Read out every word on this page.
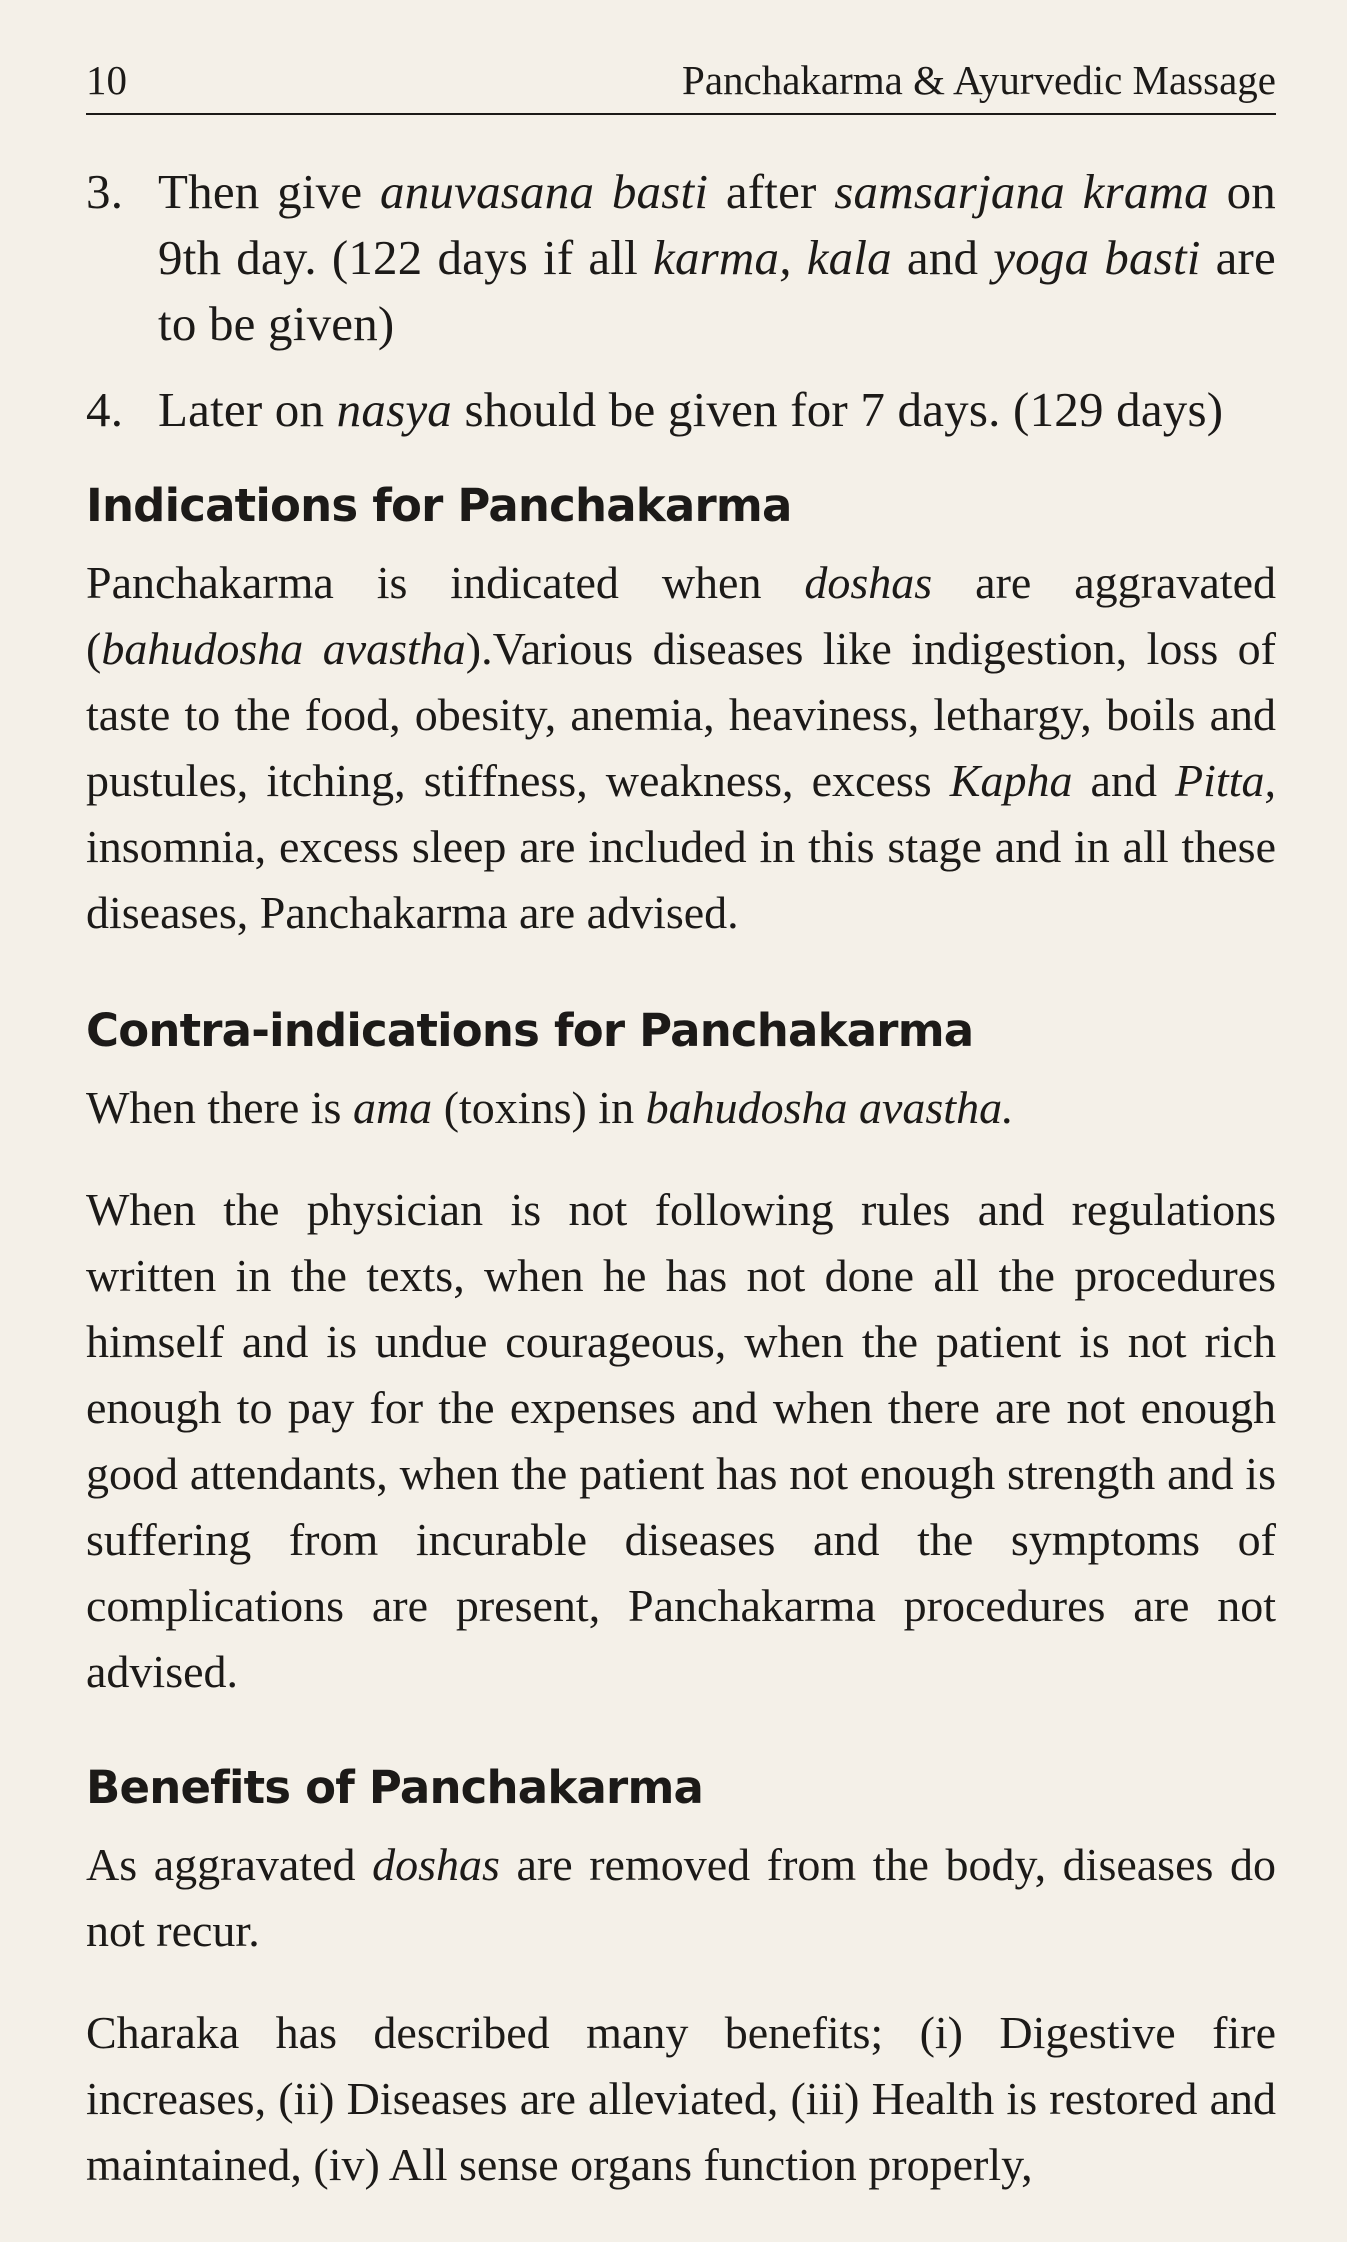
10	Panchakarma & Ayurvedic Massage
3. Then give anuvasana basti after samsarjana krama on 9th day. (122 days if all karma, kala and yoga basti are to be given)
4. Later on nasya should be given for 7 days. (129 days)
Indications for Panchakarma

Panchakarma is indicated when doshas are aggravated (bahudosha avastha).Various diseases like indigestion, loss of taste to the food, obesity, anemia, heaviness, lethargy, boils and pustules, itching, stiffness, weakness, excess Kapha and Pitta, insomnia, excess sleep are included in this stage and in all these diseases, Panchakarma are advised.

Contra-indications for Panchakarma

When there is ama (toxins) in bahudosha avastha.

When the physician is not following rules and regulations written in the texts, when he has not done all the procedures himself and is undue courageous, when the patient is not rich enough to pay for the expenses and when there are not enough good attendants, when the patient has not enough strength and is suffering from incurable diseases and the symptoms of complications are present, Panchakarma procedures are not advised.

Benefits of Panchakarma

As aggravated doshas are removed from the body, diseases do not recur.

Charaka has described many benefits; (i) Digestive fire increases, (ii) Diseases are alleviated, (iii) Health is restored and maintained, (iv) All sense organs function properly,
